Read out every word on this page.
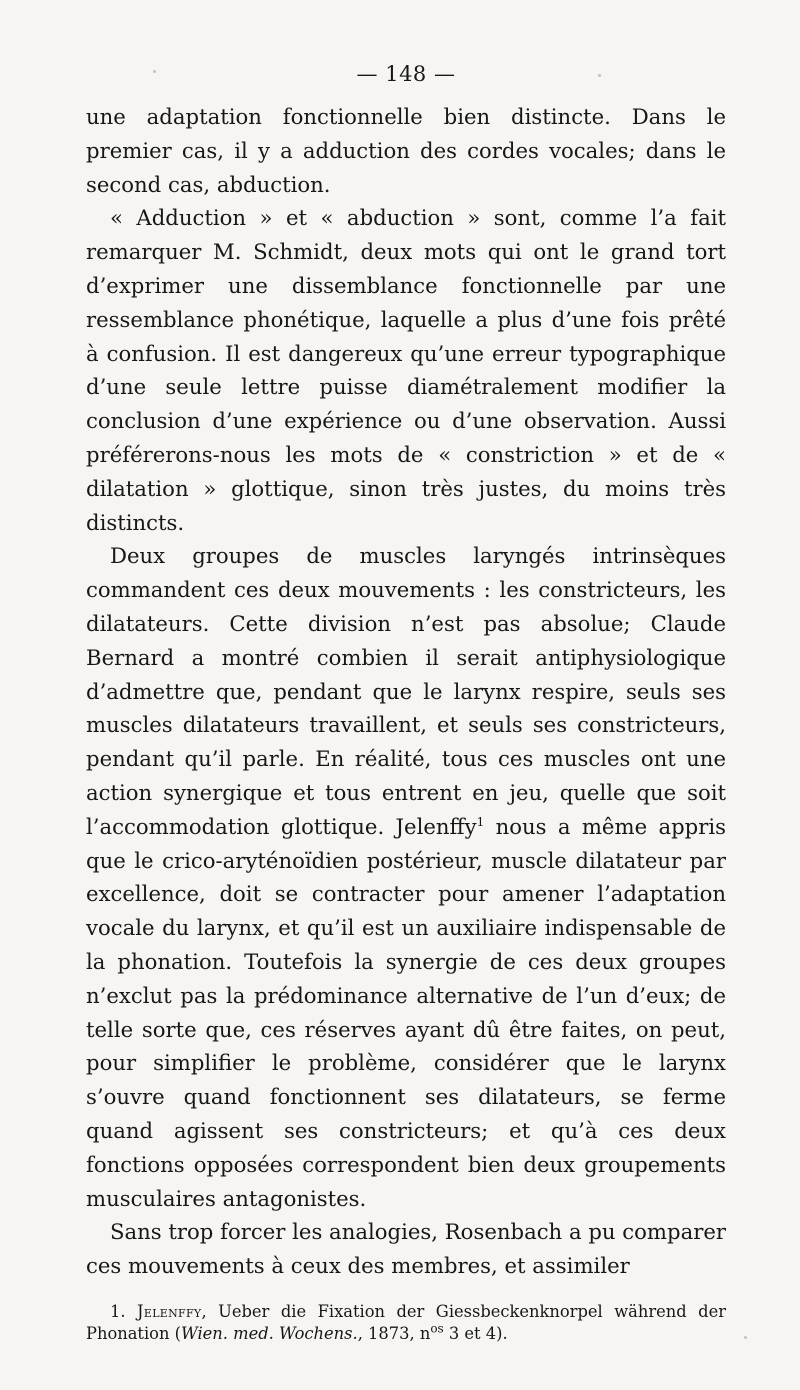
— 148 —

une adaptation fonctionnelle bien distincte. Dans le premier cas, il y a adduction des cordes vocales; dans le second cas, abduction.

« Adduction » et « abduction » sont, comme l’a fait remarquer M. Schmidt, deux mots qui ont le grand tort d’exprimer une dissemblance fonctionnelle par une ressemblance phonétique, laquelle a plus d’une fois prêté à confusion. Il est dangereux qu’une erreur typographique d’une seule lettre puisse diamétralement modifier la conclusion d’une expérience ou d’une observation. Aussi préférerons-nous les mots de « constriction » et de « dilatation » glottique, sinon très justes, du moins très distincts.

Deux groupes de muscles laryngés intrinsèques commandent ces deux mouvements : les constricteurs, les dilatateurs. Cette division n’est pas absolue; Claude Bernard a montré combien il serait antiphysiologique d’admettre que, pendant que le larynx respire, seuls ses muscles dilatateurs travaillent, et seuls ses constricteurs, pendant qu’il parle. En réalité, tous ces muscles ont une action synergique et tous entrent en jeu, quelle que soit l’accommodation glottique. Jelenffy$^1$ nous a même appris que le crico-aryténoïdien postérieur, muscle dilatateur par excellence, doit se contracter pour amener l’adaptation vocale du larynx, et qu’il est un auxiliaire indispensable de la phonation. Toutefois la synergie de ces deux groupes n’exclut pas la prédominance alternative de l’un d’eux; de telle sorte que, ces réserves ayant dû être faites, on peut, pour simplifier le problème, considérer que le larynx s’ouvre quand fonctionnent ses dilatateurs, se ferme quand agissent ses constricteurs; et qu’à ces deux fonctions opposées correspondent bien deux groupements musculaires antagonistes.

Sans trop forcer les analogies, Rosenbach a pu comparer ces mouvements à ceux des membres, et assimiler

1. Jelenffy, Ueber die Fixation der Giessbeckenknorpel während der Phonation (Wien. med. Wochens., 1873, $n^{os}$ 3 et 4).
